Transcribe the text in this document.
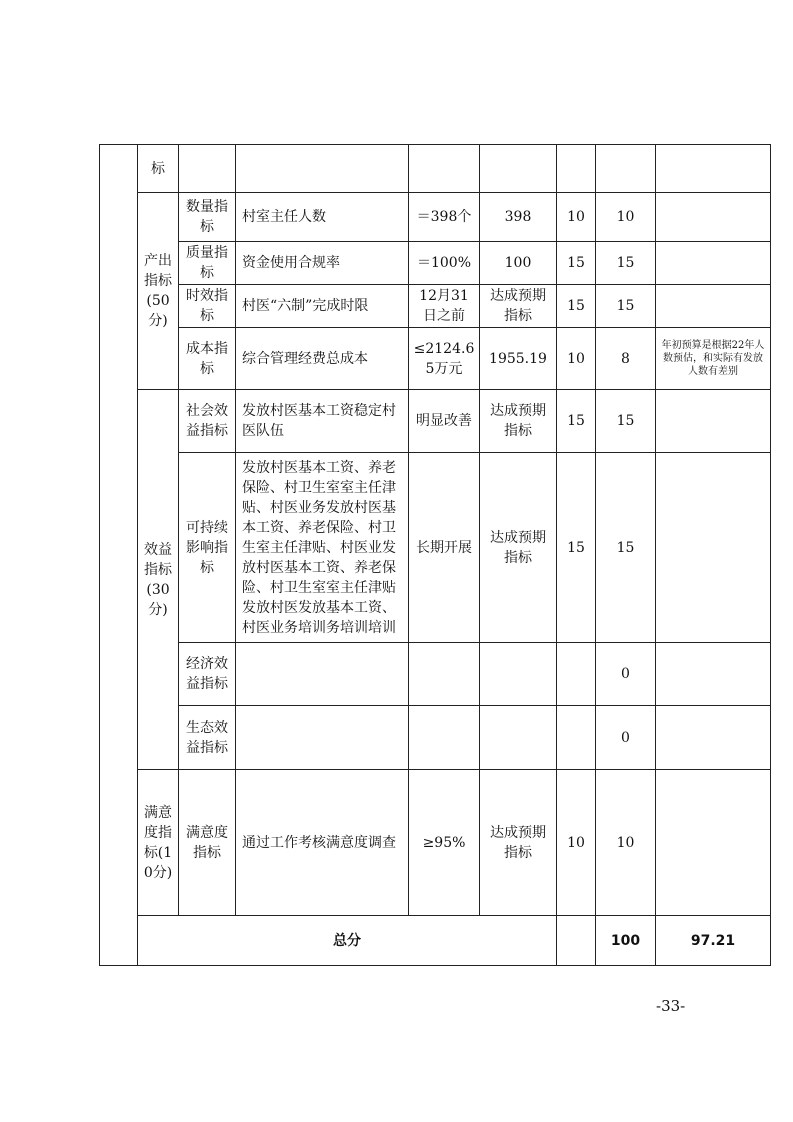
	标								
	产出指标(50分)	数量指标	村室主任人数	＝398个	398	10	10		
		质量指标	资金使用合规率	＝100%	100	15	15		
		时效指标	村医“六制”完成时限	12月31日之前	达成预期指标	15	15		
		成本指标	综合管理经费总成本	≤2124.65万元	1955.19	10	8	年初预算是根据22年人数预估，和实际有发放人数有差别	
	效益指标(30分)	社会效益指标	发放村医基本工资稳定村医队伍	明显改善	达成预期指标	15	15		
		可持续影响指标	发放村医基本工资、养老保险、村卫生室室主任津贴、村医业务发放村医基本工资、养老保险、村卫生室主任津贴、村医业发放村医基本工资、养老保险、村卫生室室主任津贴发放村医发放基本工资、村医业务培训务培训培训	长期开展	达成预期指标	15	15		
		经济效益指标					0		
		生态效益指标					0		
	满意度指标(10分)	满意度指标	通过工作考核满意度调查	≥95%	达成预期指标	10	10		
	总分						100	97.21	
-33-
